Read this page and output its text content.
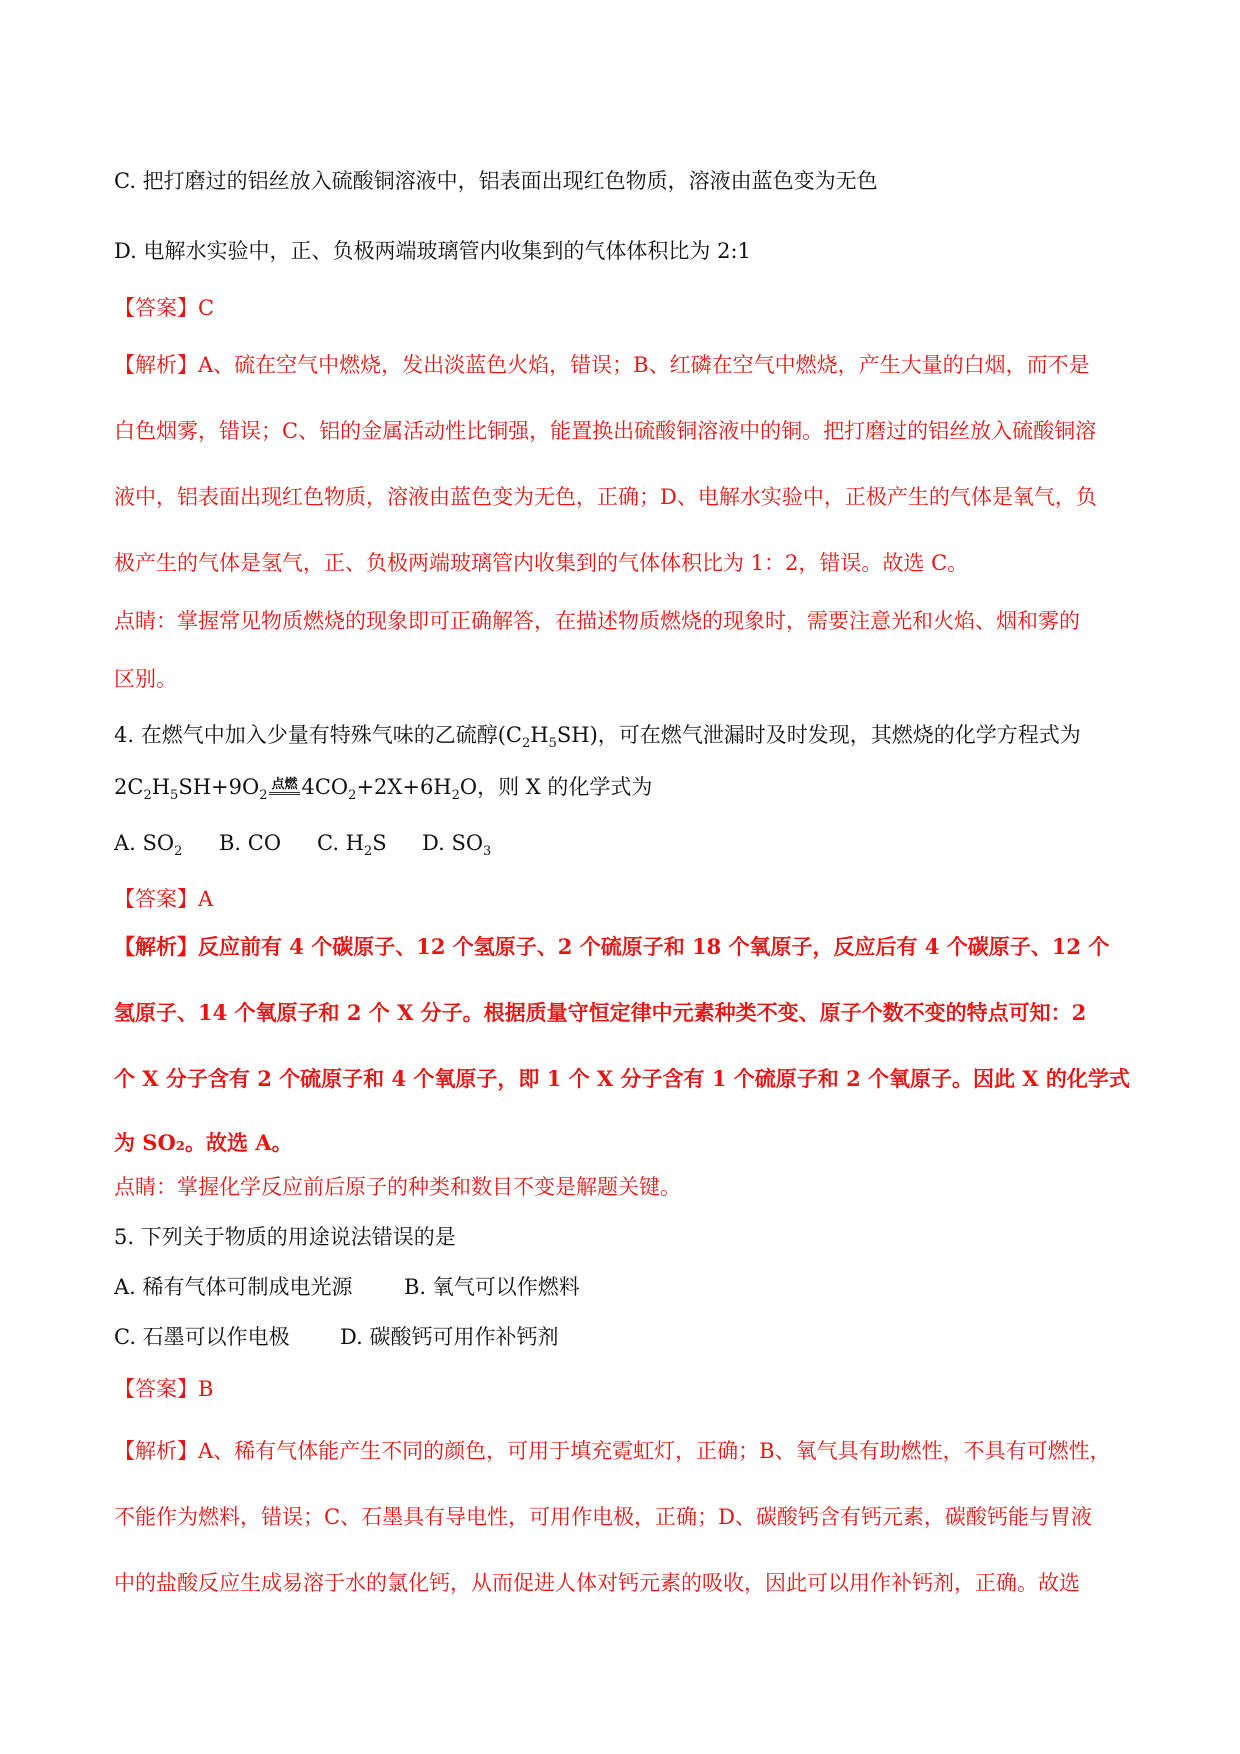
C. 把打磨过的铝丝放入硫酸铜溶液中，铝表面出现红色物质，溶液由蓝色变为无色
D. 电解水实验中，正、负极两端玻璃管内收集到的气体体积比为 2:1
【答案】C
【解析】A、硫在空气中燃烧，发出淡蓝色火焰，错误；B、红磷在空气中燃烧，产生大量的白烟，而不是
白色烟雾，错误；C、铝的金属活动性比铜强，能置换出硫酸铜溶液中的铜。把打磨过的铝丝放入硫酸铜溶
液中，铝表面出现红色物质，溶液由蓝色变为无色，正确；D、电解水实验中，正极产生的气体是氧气，负
极产生的气体是氢气，正、负极两端玻璃管内收集到的气体体积比为 1：2，错误。故选 C。
点睛：掌握常见物质燃烧的现象即可正确解答，在描述物质燃烧的现象时，需要注意光和火焰、烟和雾的
区别。
4. 在燃气中加入少量有特殊气味的乙硫醇$(C_2H_5SH)$，可在燃气泄漏时及时发现，其燃烧的化学方程式为
$2C_2H_5SH+9O_2$点燃 $4CO_2+2X+6H_2O$，则 X 的化学式为
A. $SO_2$ B. CO C. $H_2S$ D. $SO_3$
【答案】A
【解析】反应前有 4 个碳原子、12 个氢原子、2 个硫原子和 18 个氧原子，反应后有 4 个碳原子、12 个
氢原子、14 个氧原子和 2 个 X 分子。根据质量守恒定律中元素种类不变、原子个数不变的特点可知：2
个 X 分子含有 2 个硫原子和 4 个氧原子，即 1 个 X 分子含有 1 个硫原子和 2 个氧原子。因此 X 的化学式
为 SO₂。故选 A。
点睛：掌握化学反应前后原子的种类和数目不变是解题关键。
5. 下列关于物质的用途说法错误的是
A. 稀有气体可制成电光源 B. 氧气可以作燃料
C. 石墨可以作电极 D. 碳酸钙可用作补钙剂
【答案】B
【解析】A、稀有气体能产生不同的颜色，可用于填充霓虹灯，正确；B、氧气具有助燃性，不具有可燃性，
不能作为燃料，错误；C、石墨具有导电性，可用作电极，正确；D、碳酸钙含有钙元素，碳酸钙能与胃液
中的盐酸反应生成易溶于水的氯化钙，从而促进人体对钙元素的吸收，因此可以用作补钙剂，正确。故选
